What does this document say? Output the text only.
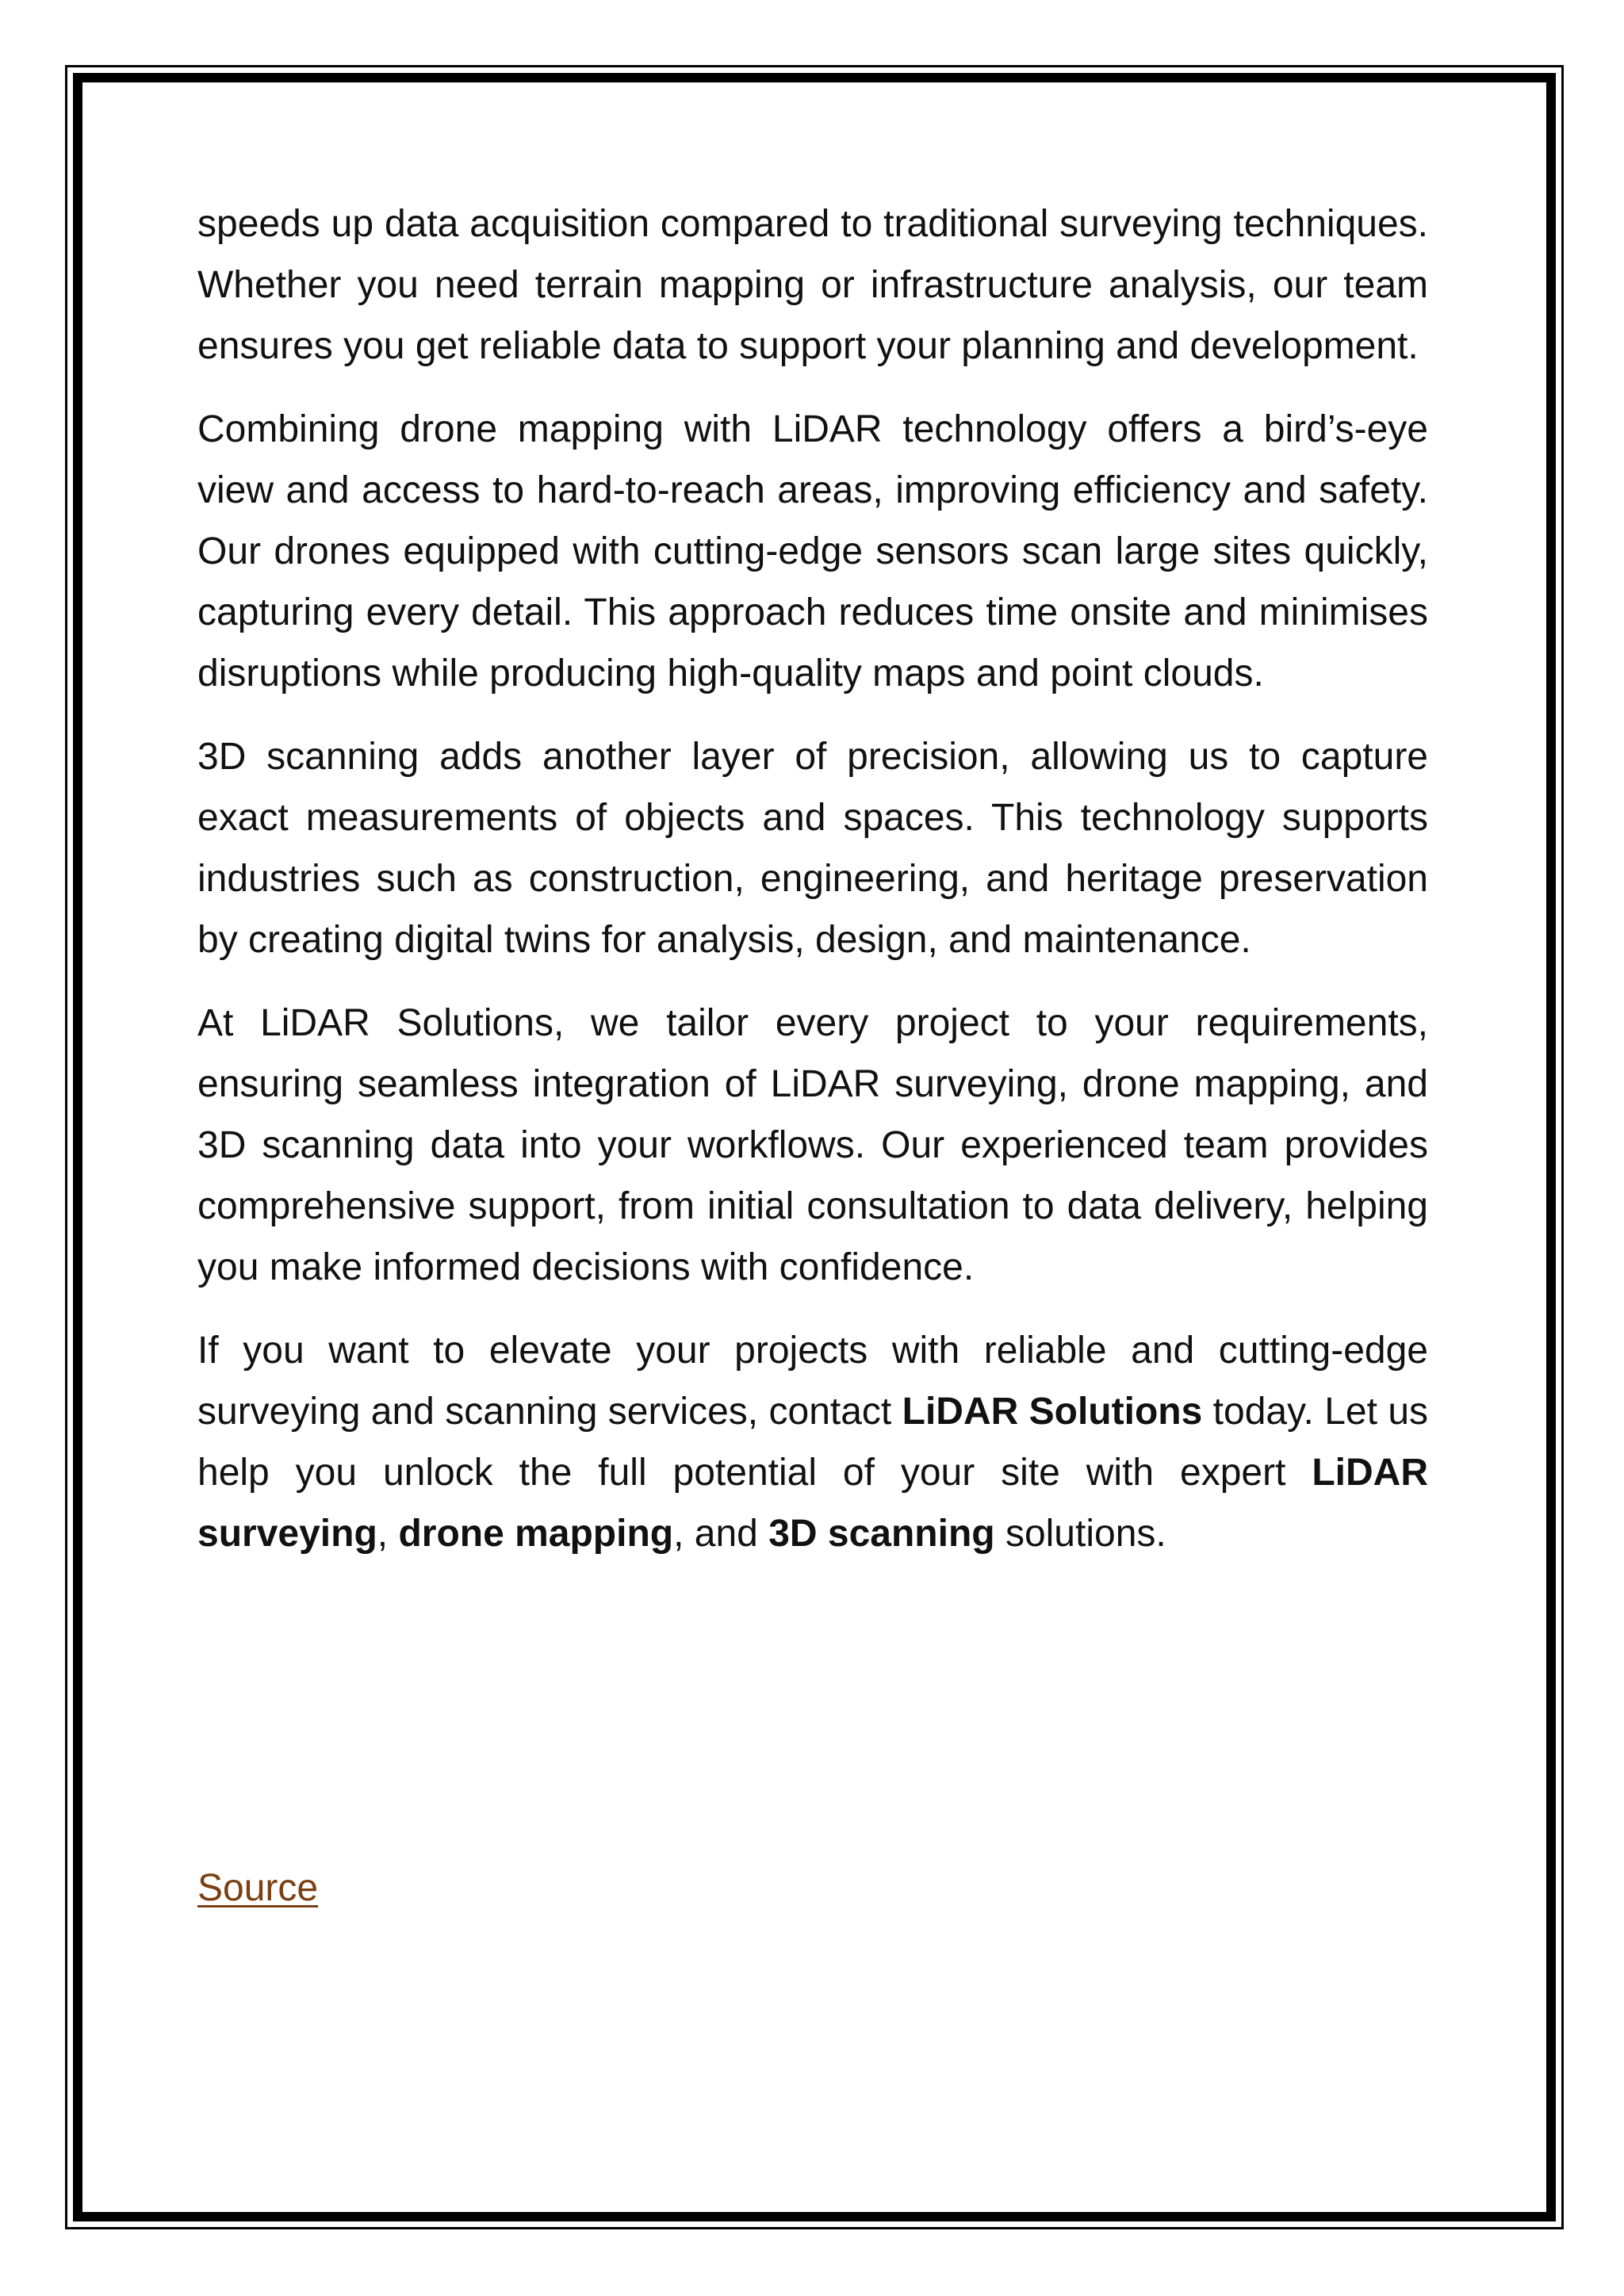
speeds up data acquisition compared to traditional surveying techniques. Whether you need terrain mapping or infrastructure analysis, our team ensures you get reliable data to support your planning and development.

Combining drone mapping with LiDAR technology offers a bird’s-eye view and access to hard-to-reach areas, improving efficiency and safety. Our drones equipped with cutting-edge sensors scan large sites quickly, capturing every detail. This approach reduces time onsite and minimises disruptions while producing high-quality maps and point clouds.

3D scanning adds another layer of precision, allowing us to capture exact measurements of objects and spaces. This technology supports industries such as construction, engineering, and heritage preservation by creating digital twins for analysis, design, and maintenance.

At LiDAR Solutions, we tailor every project to your requirements, ensuring seamless integration of LiDAR surveying, drone mapping, and 3D scanning data into your workflows. Our experienced team provides comprehensive support, from initial consultation to data delivery, helping you make informed decisions with confidence.

If you want to elevate your projects with reliable and cutting-edge surveying and scanning services, contact LiDAR Solutions today. Let us help you unlock the full potential of your site with expert LiDAR surveying, drone mapping, and 3D scanning solutions.

Source
